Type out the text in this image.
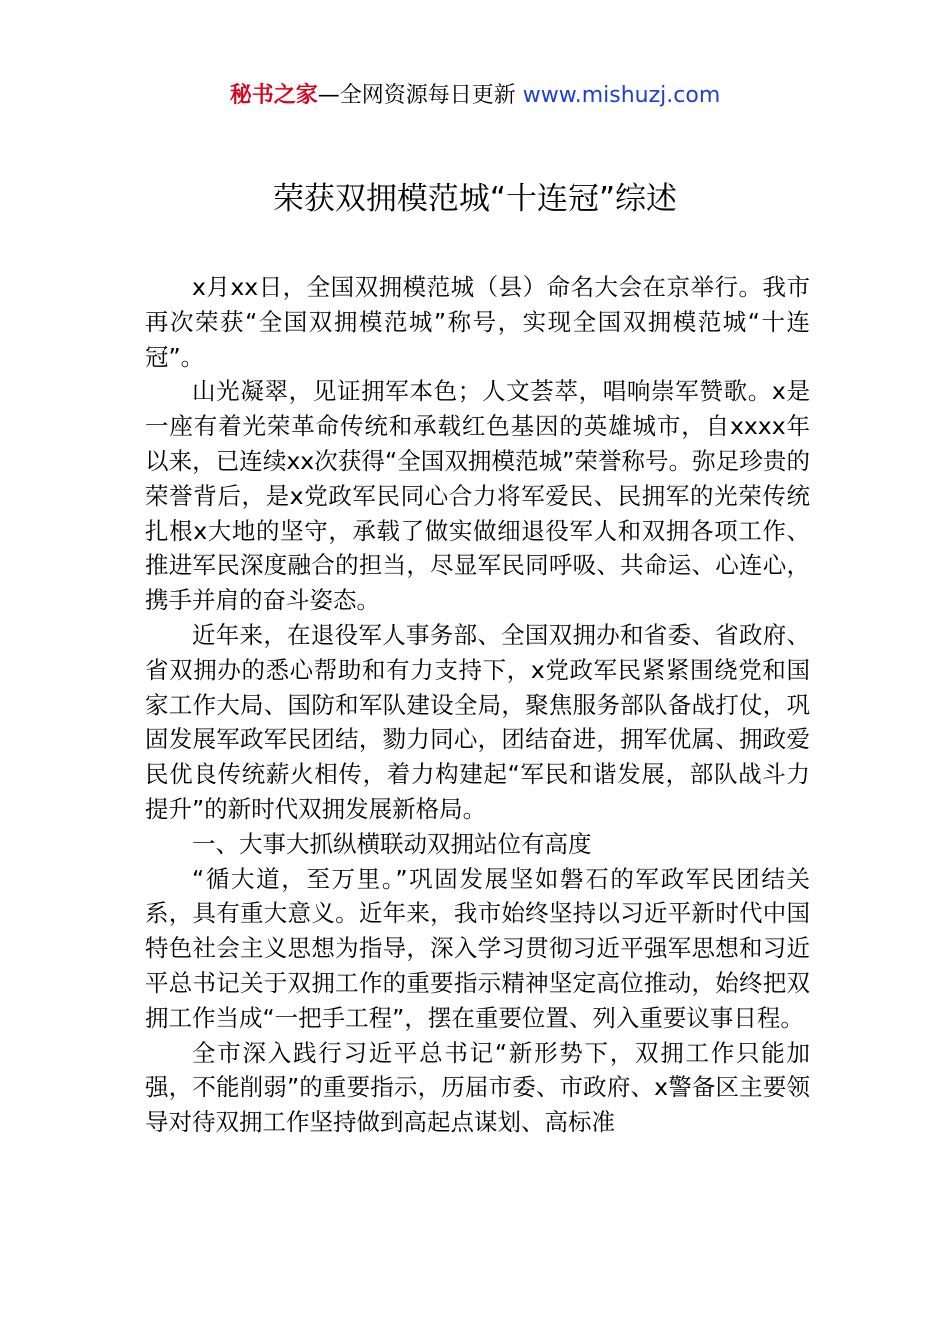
秘书之家—全网资源每日更新 www.mishuzj.com
荣获双拥模范城“十连冠”综述

x月xx日，全国双拥模范城（县）命名大会在京举行。我市再次荣获“全国双拥模范城”称号，实现全国双拥模范城“十连冠”。

山光凝翠，见证拥军本色；人文荟萃，唱响崇军赞歌。x是一座有着光荣革命传统和承载红色基因的英雄城市，自xxxx年以来，已连续xx次获得“全国双拥模范城”荣誉称号。弥足珍贵的荣誉背后，是x党政军民同心合力将军爱民、民拥军的光荣传统扎根x大地的坚守，承载了做实做细退役军人和双拥各项工作、推进军民深度融合的担当，尽显军民同呼吸、共命运、心连心，携手并肩的奋斗姿态。

近年来，在退役军人事务部、全国双拥办和省委、省政府、省双拥办的悉心帮助和有力支持下，x党政军民紧紧围绕党和国家工作大局、国防和军队建设全局，聚焦服务部队备战打仗，巩固发展军政军民团结，勠力同心，团结奋进，拥军优属、拥政爱民优良传统薪火相传，着力构建起“军民和谐发展，部队战斗力提升”的新时代双拥发展新格局。

一、大事大抓纵横联动双拥站位有高度

“循大道，至万里。”巩固发展坚如磐石的军政军民团结关系，具有重大意义。近年来，我市始终坚持以习近平新时代中国特色社会主义思想为指导，深入学习贯彻习近平强军思想和习近平总书记关于双拥工作的重要指示精神坚定高位推动，始终把双拥工作当成“一把手工程”，摆在重要位置、列入重要议事日程。

全市深入践行习近平总书记“新形势下，双拥工作只能加强，不能削弱”的重要指示，历届市委、市政府、x警备区主要领导对待双拥工作坚持做到高起点谋划、高标准
